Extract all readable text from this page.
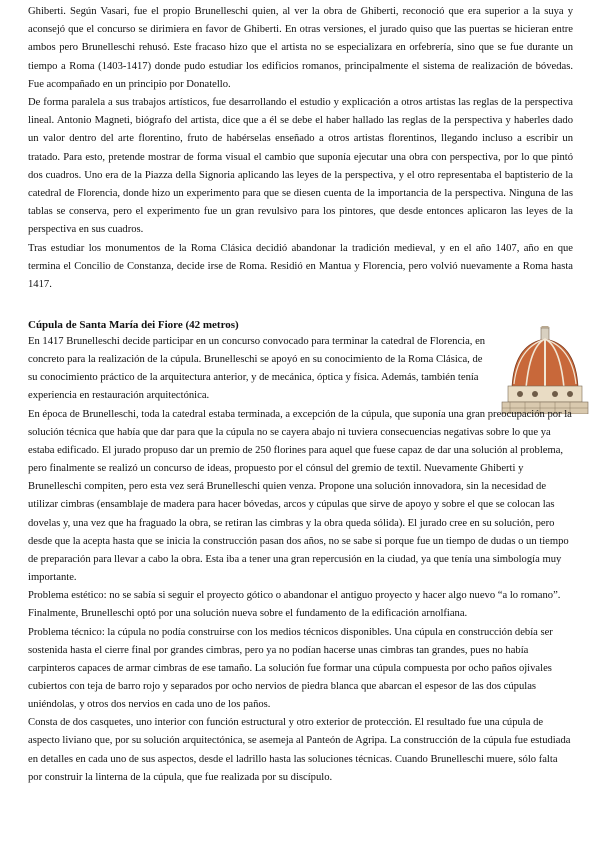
Ghiberti. Según Vasari, fue el propio Brunelleschi quien, al ver la obra de Ghiberti, reconoció que era superior a la suya y aconsejó que el concurso se dirimiera en favor de Ghiberti. En otras versiones, el jurado quiso que las puertas se hicieran entre ambos pero Brunelleschi rehusó. Este fracaso hizo que el artista no se especializara en orfebrería, sino que se fue durante un tiempo a Roma (1403-1417) donde pudo estudiar los edificios romanos, principalmente el sistema de realización de bóvedas. Fue acompañado en un principio por Donatello.

De forma paralela a sus trabajos artísticos, fue desarrollando el estudio y explicación a otros artistas las reglas de la perspectiva lineal. Antonio Magneti, biógrafo del artista, dice que a él se debe el haber hallado las reglas de la perspectiva y haberles dado un valor dentro del arte florentino, fruto de habérselas enseñado a otros artistas florentinos, llegando incluso a escribir un tratado. Para esto, pretende mostrar de forma visual el cambio que suponía ejecutar una obra con perspectiva, por lo que pintó dos cuadros. Uno era de la Piazza della Signoria aplicando las leyes de la perspectiva, y el otro representaba el baptisterio de la catedral de Florencia, donde hizo un experimento para que se diesen cuenta de la importancia de la perspectiva. Ninguna de las tablas se conserva, pero el experimento fue un gran revulsivo para los pintores, que desde entonces aplicaron las leyes de la perspectiva en sus cuadros.

Tras estudiar los monumentos de la Roma Clásica decidió abandonar la tradición medieval, y en el año 1407, año en que termina el Concilio de Constanza, decide irse de Roma. Residió en Mantua y Florencia, pero volvió nuevamente a Roma hasta 1417.

Cúpula de Santa María dei Fiore (42 metros)

En 1417 Brunelleschi decide participar en un concurso convocado para terminar la catedral de Florencia, en concreto para la realización de la cúpula. Brunelleschi se apoyó en su conocimiento de la Roma Clásica, de su conocimiento práctico de la arquitectura anterior, y de mecánica, óptica y física. Además, también tenía experiencia en restauración arquitectónica.

En época de Brunelleschi, toda la catedral estaba terminada, a excepción de la cúpula, que suponía una gran preocupación por la solución técnica que había que dar para que la cúpula no se cayera abajo ni tuviera consecuencias negativas sobre lo que ya estaba edificado. El jurado propuso dar un premio de 250 florines para aquel que fuese capaz de dar una solución al problema, pero finalmente se realizó un concurso de ideas, propuesto por el cónsul del gremio de textil. Nuevamente Ghiberti y Brunelleschi compiten, pero esta vez será Brunelleschi quien venza. Propone una solución innovadora, sin la necesidad de utilizar cimbras (ensamblaje de madera para hacer bóvedas, arcos y cúpulas que sirve de apoyo y sobre el que se colocan las dovelas y, una vez que ha fraguado la obra, se retiran las cimbras y la obra queda sólida). El jurado cree en su solución, pero desde que la acepta hasta que se inicia la construcción pasan dos años, no se sabe si porque fue un tiempo de dudas o un tiempo de preparación para llevar a cabo la obra. Esta iba a tener una gran repercusión en la ciudad, ya que tenía una simbología muy importante.

Problema estético: no se sabía si seguir el proyecto gótico o abandonar el antiguo proyecto y hacer algo nuevo “a lo romano”. Finalmente, Brunelleschi optó por una solución nueva sobre el fundamento de la edificación arnolfiana.

Problema técnico: la cúpula no podía construirse con los medios técnicos disponibles. Una cúpula en construcción debía ser sostenida hasta el cierre final por grandes cimbras, pero ya no podían hacerse unas cimbras tan grandes, pues no había carpinteros capaces de armar cimbras de ese tamaño. La solución fue formar una cúpula compuesta por ocho paños ojivales cubiertos con teja de barro rojo y separados por ocho nervios de piedra blanca que abarcan el espesor de las dos cúpulas uniéndolas, y otros dos nervios en cada uno de los paños.

Consta de dos casquetes, uno interior con función estructural y otro exterior de protección. El resultado fue una cúpula de aspecto liviano que, por su solución arquitectónica, se asemeja al Panteón de Agripa. La construcción de la cúpula fue estudiada en detalles en cada uno de sus aspectos, desde el ladrillo hasta las soluciones técnicas. Cuando Brunelleschi muere, sólo falta por construir la linterna de la cúpula, que fue realizada por su discípulo.
